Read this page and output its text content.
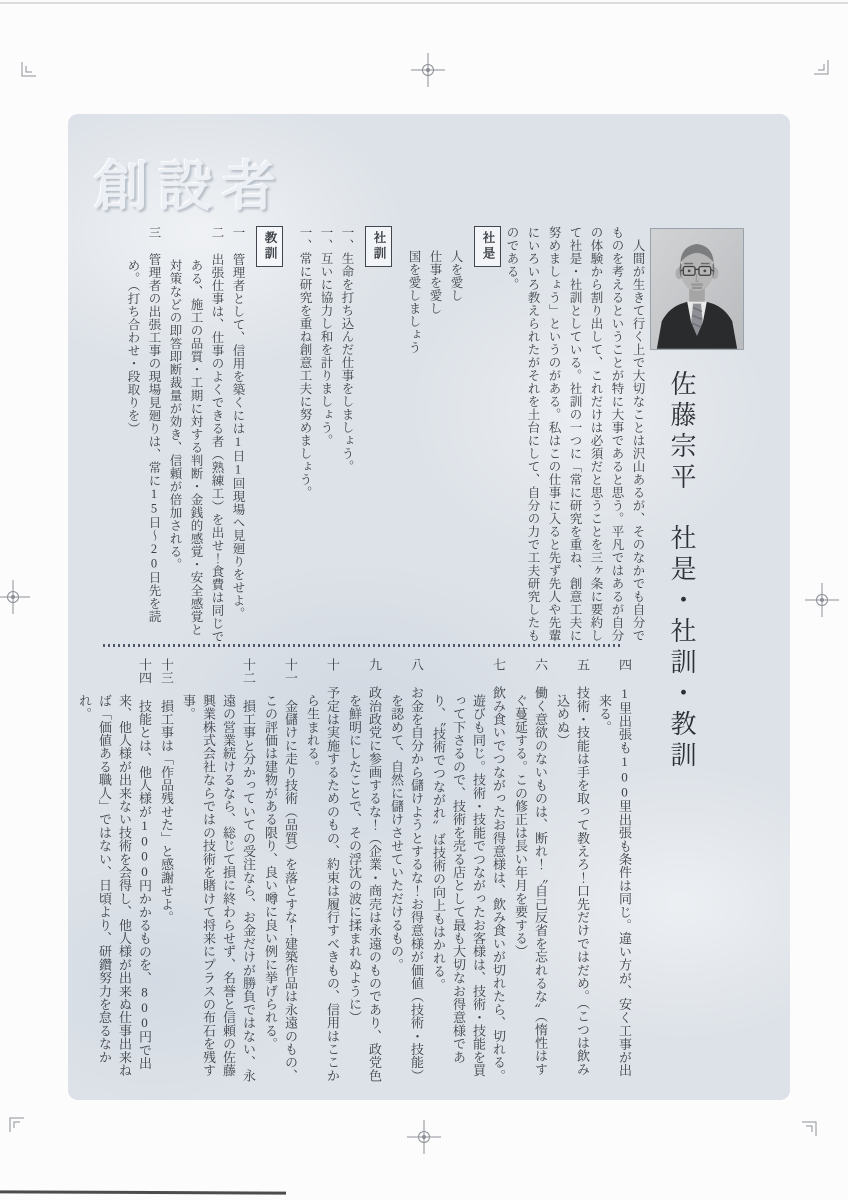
創設者
佐藤宗平社是・社訓・教訓

人間が生きて行く上で大切なことは沢山あるが、そのなかでも自分でものを考えるということが特に大事であると思う。平凡ではあるが自分の体験から割り出して、これだけは必須だと思うことを三ヶ条に要約して社是・社訓としている。社訓の一つに「常に研究を重ね、創意工夫に努めましょう」というのがある。私はこの仕事に入ると先ず先人や先輩にいろいろ教えられたがそれを土台にして、自分の力で工夫研究したものである。

社是

人を愛し

仕事を愛し

国を愛しましょう

社訓

一、生命を打ち込んだ仕事をしましょう。

一、互いに協力し和を計りましょう。

一、常に研究を重ね創意工夫に努めましょう。

教訓

一管理者として、信用を築くには1日1回現場へ見廻りをせよ。

二出張仕事は、仕事のよくできる者（熟練工）を出せ！食費は同じである、施工の品質・工期に対する判断・金銭的感覚・安全感覚と対策などの即答即断裁量が効き、信頼が倍加される。

三管理者の出張工事の現場見廻りは、常に15日～20日先を読め。（打ち合わせ・段取りを）

四1里出張も100里出張も条件は同じ。違い方が、安く工事が出来る。

五技術・技能は手を取って教えろ！口先だけではだめ。（こつは飲み込めぬ）

六働く意欲のないものは、断れ！〝自己反省を忘れるな〟（惰性はすぐ蔓延する。この修正は長い年月を要する）

七飲み食いでつながったお得意様は、飲み食いが切れたら、切れる。遊びも同じ。技術・技能でつながったお客様は、技術・技能を買って下さるので、技術を売る店として最も大切なお得意様であり、〝技術でつながれ〟ば技術の向上もはかれる。

八お金を自分から儲けようとするな！お得意様が価値（技術・技能）を認めて、自然に儲けさせていただけるもの。

九政治政党に参画するな！（企業・商売は永遠のものであり、政党色を鮮明にしたことで、その浮沈の波に揉まれぬように）

十予定は実施するためのもの、約束は履行すべきもの、信用はここから生まれる。

十一金儲けに走り技術（品質）を落とすな！建築作品は永遠のもの、この評価は建物がある限り、良い噂に良い例に挙げられる。

十二損工事と分かっていての受注なら、お金だけが勝負ではない、永遠の営業続けるなら、総じて損に終わらせず、名誉と信頼の佐藤興業株式会社ならではの技術を賭けて将来にプラスの布石を残す事。

十三損工事は「作品残せた」と感謝せよ。

十四技能とは、他人様が1000円かかるものを、800円で出来、他人様が出来ない技術を会得し、他人様が出来ぬ仕事出来ねば「価値ある職人」ではない、日頃より、研鑽努力を怠るなかれ。
